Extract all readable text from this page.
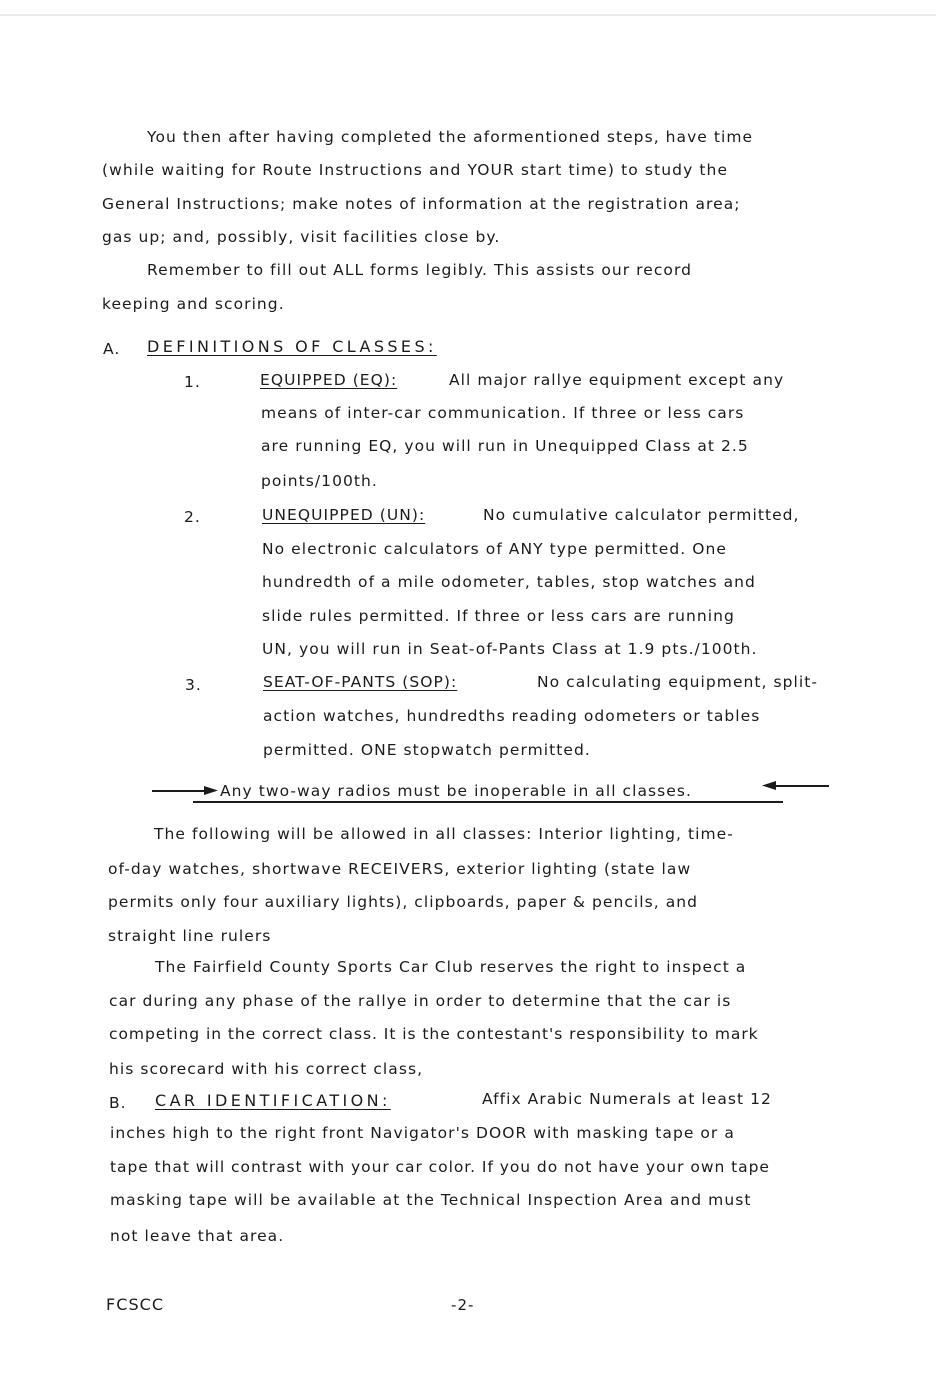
You then after having completed the aformentioned steps, have time

(while waiting for Route Instructions and YOUR start time) to study the

General Instructions; make notes of information at the registration area;

gas up; and, possibly, visit facilities close by.

Remember to fill out ALL forms legibly. This assists our record

keeping and scoring.

A. DEFINITIONS OF CLASSES:

1.	EQUIPPED (EQ):	All major rallye equipment except any

means of inter-car communication. If three or less cars

are running EQ, you will run in Unequipped Class at 2.5

points/100th.

2.	UNEQUIPPED (UN):	No cumulative calculator permitted,

No electronic calculators of ANY type permitted. One

hundredth of a mile odometer, tables, stop watches and

slide rules permitted. If three or less cars are running

UN, you will run in Seat-of-Pants Class at 1.9 pts./100th.

3.	SEAT-OF-PANTS (SOP):	No calculating equipment, split-

action watches, hundredths reading odometers or tables

permitted. ONE stopwatch permitted.

Any two-way radios must be inoperable in all classes.

The following will be allowed in all classes: Interior lighting, time-

of-day watches, shortwave RECEIVERS, exterior lighting (state law

permits only four auxiliary lights), clipboards, paper & pencils, and

straight line rulers

The Fairfield County Sports Car Club reserves the right to inspect a

car during any phase of the rallye in order to determine that the car is

competing in the correct class. It is the contestant's responsibility to mark

his scorecard with his correct class,

B. CAR IDENTIFICATION:	Affix Arabic Numerals at least 12

inches high to the right front Navigator's DOOR with masking tape or a

tape that will contrast with your car color. If you do not have your own tape

masking tape will be available at the Technical Inspection Area and must

not leave that area.

FCSCC	-2-
